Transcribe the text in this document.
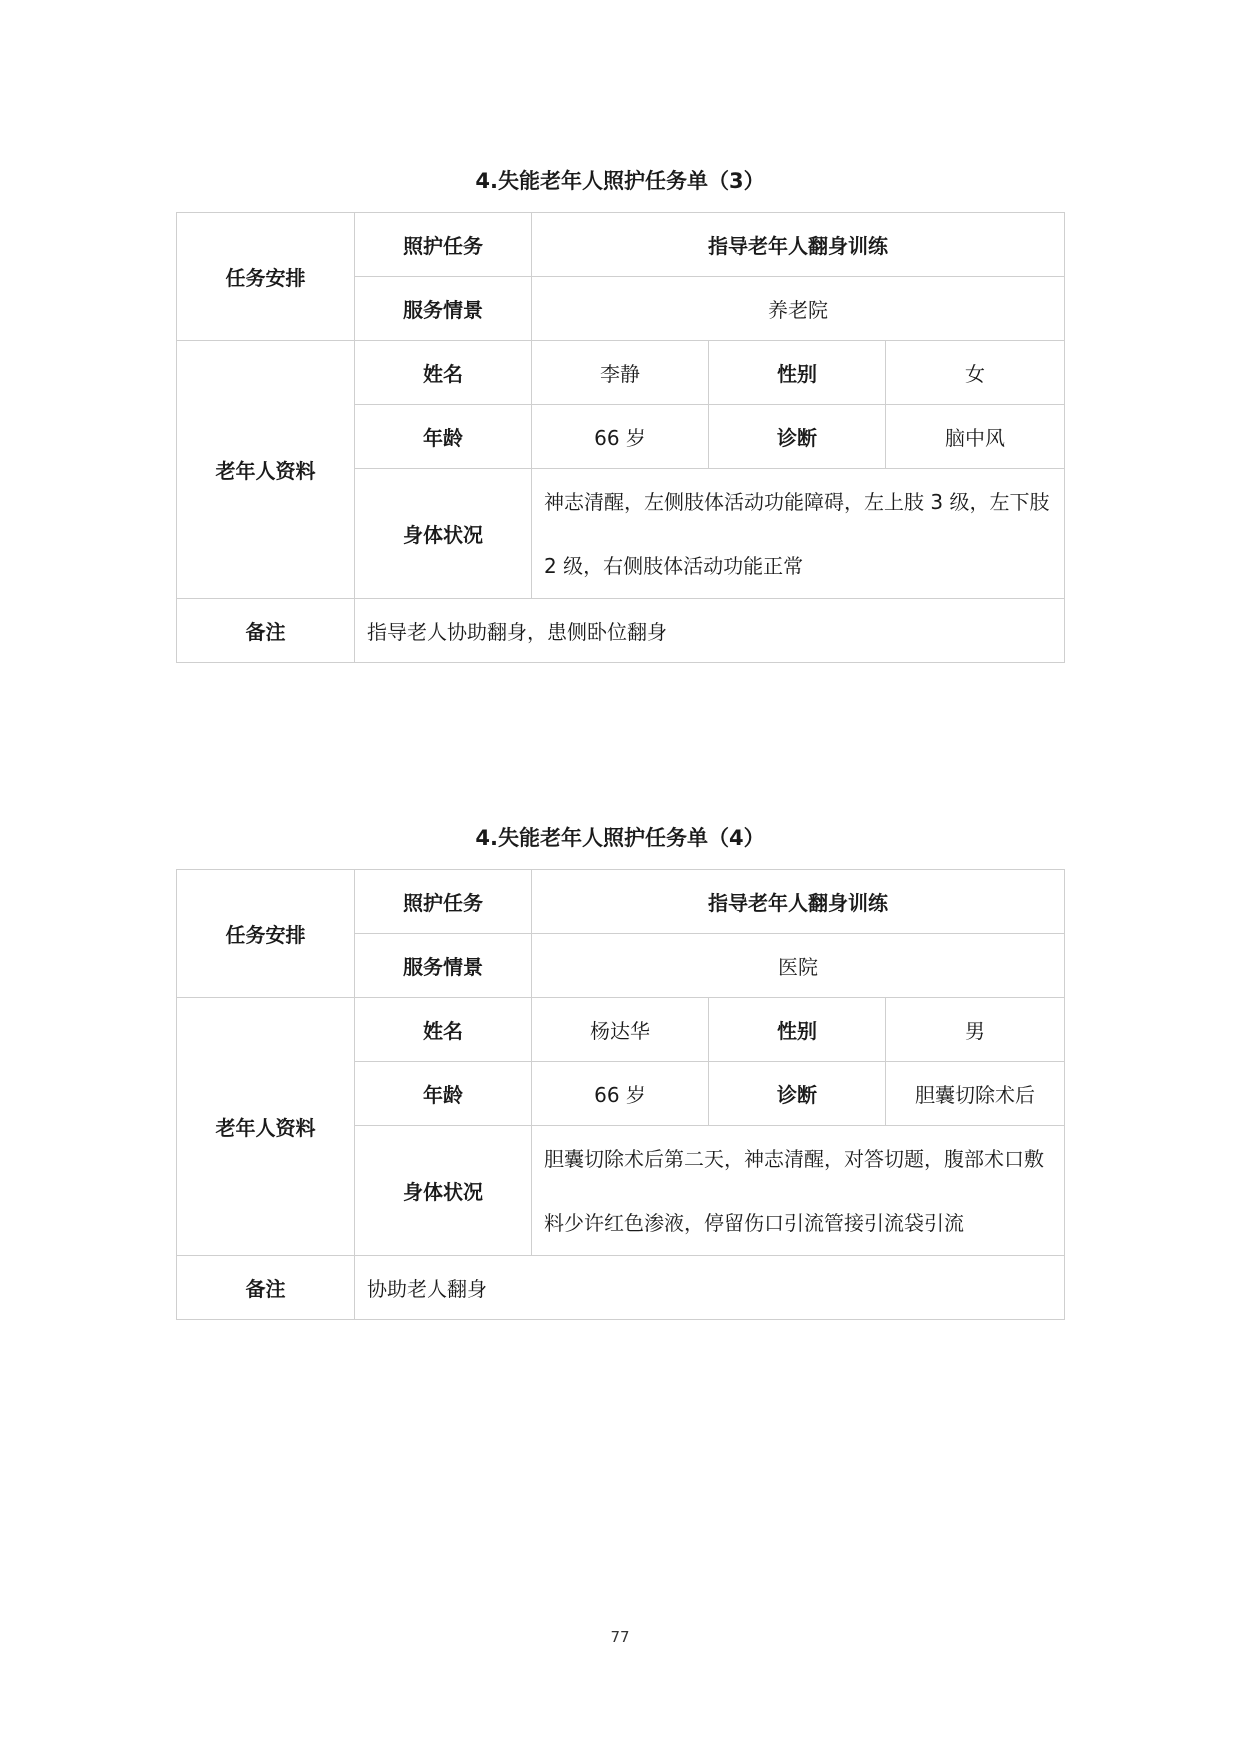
4.失能老年人照护任务单（3）
任务安排	照护任务	指导老年人翻身训练		
	服务情景	养老院		
老年人资料	姓名	李静	性别	女
	年龄	66 岁	诊断	脑中风
	身体状况	神志清醒，左侧肢体活动功能障碍，左上肢 3 级，左下肢 2 级，右侧肢体活动功能正常		
备注	指导老人协助翻身，患侧卧位翻身			
4.失能老年人照护任务单（4）
任务安排	照护任务	指导老年人翻身训练		
	服务情景	医院		
老年人资料	姓名	杨达华	性别	男
	年龄	66 岁	诊断	胆囊切除术后
	身体状况	胆囊切除术后第二天，神志清醒，对答切题，腹部术口敷料少许红色渗液，停留伤口引流管接引流袋引流		
备注	协助老人翻身			
77
